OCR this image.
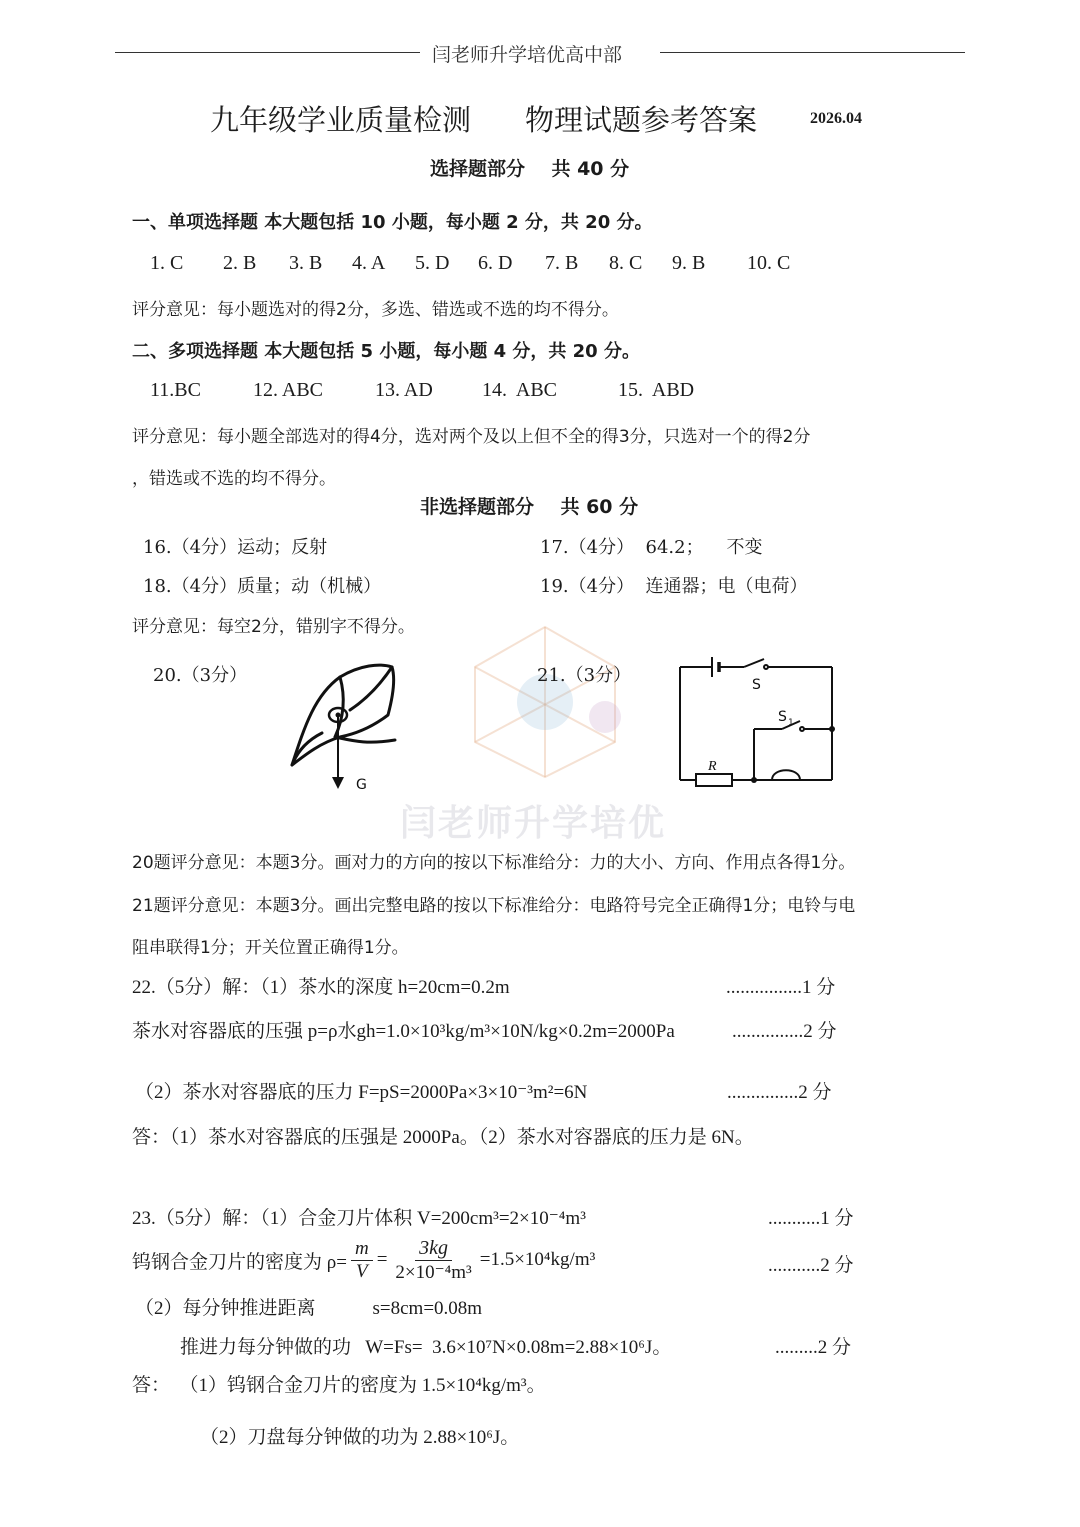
闫老师升学培优高中部
九年级学业质量检测 物理试题参考答案	2026.04
选择题部分    共 40 分
一、单项选择题 本大题包括 10 小题，每小题 2 分，共 20 分。
1. C	2. B	3. B	4. A	5. D	6. D	7. B	8. C	9. B	10. C
评分意见：每小题选对的得2分，多选、错选或不选的均不得分。
二、多项选择题 本大题包括 5 小题，每小题 4 分，共 20 分。
11.BC	12. ABC	13. AD	14.  ABC	15.  ABD
评分意见：每小题全部选对的得4分，选对两个及以上但不全的得3分，只选对一个的得2分
，错选或不选的均不得分。
非选择题部分    共 60 分
16.（4分）运动；反射	17.（4分）  64.2；    不变
18.（4分）质量；动（机械）	19.（4分）  连通器；电（电荷）
评分意见：每空2分，错别字不得分。
闫老师升学培优
20.（3分）
G
21.（3分）	S
S 1
R
20题评分意见：本题3分。画对力的方向的按以下标准给分：力的大小、方向、作用点各得1分。
21题评分意见：本题3分。画出完整电路的按以下标准给分：电路符号完全正确得1分；电铃与电
阻串联得1分；开关位置正确得1分。
22.（5分）解：（1）茶水的深度 h=20cm=0.2m	................1 分
茶水对容器底的压强 p=ρ水gh=1.0×10³kg/m³×10N/kg×0.2m=2000Pa	...............2 分
（2）茶水对容器底的压力 F=pS=2000Pa×3×10⁻³m²=6N	...............2 分
答：（1）茶水对容器底的压强是 2000Pa。（2）茶水对容器底的压力是 6N。
23.（5分）解：（1）合金刀片体积 V=200cm³=2×10⁻⁴m³	...........1 分
钨钢合金刀片的密度为 $\rho= \frac{m}{V} = \frac{3kg}{\text{2×10⁻⁴m³}} =1.5\times 10^4kg/m^3$	...........2 分
（2）每分钟推进距离            s=8cm=0.08m
推进力每分钟做的功   W=Fs=  3.6×10⁷N×0.08m=2.88×10⁶J。	.........2 分
答：  （1）钨钢合金刀片的密度为 1.5×10⁴kg/m³。
（2）刀盘每分钟做的功为 2.88×10⁶J。
